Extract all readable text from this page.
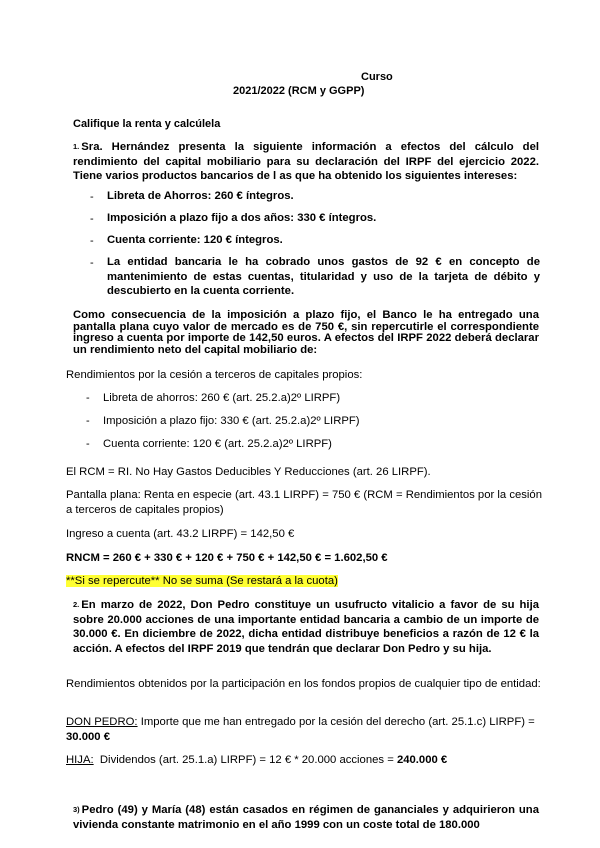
Curso
2021/2022 (RCM y GGPP)
Califique la renta y calcúlela
1. Sra. Hernández presenta la siguiente información a efectos del cálculo del rendimiento del capital mobiliario para su declaración del IRPF del ejercicio 2022. Tiene varios productos bancarios de l as que ha obtenido los siguientes intereses:
- Libreta de Ahorros: 260 € íntegros.
- Imposición a plazo fijo a dos años: 330 € íntegros.
- Cuenta corriente: 120 € íntegros.
- La entidad bancaria le ha cobrado unos gastos de 92 € en concepto de mantenimiento de estas cuentas, titularidad y uso de la tarjeta de débito y descubierto en la cuenta corriente.
Como consecuencia de la imposición a plazo fijo, el Banco le ha entregado una pantalla plana cuyo valor de mercado es de 750 €, sin repercutirle el correspondiente ingreso a cuenta por importe de 142,50 euros. A efectos del IRPF 2022 deberá declarar un rendimiento neto del capital mobiliario de:
Rendimientos por la cesión a terceros de capitales propios:
- Libreta de ahorros: 260 € (art. 25.2.a)2º LIRPF)
- Imposición a plazo fijo: 330 € (art. 25.2.a)2º LIRPF)
- Cuenta corriente: 120 € (art. 25.2.a)2º LIRPF)
El RCM = RI. No Hay Gastos Deducibles Y Reducciones (art. 26 LIRPF).
Pantalla plana: Renta en especie (art. 43.1 LIRPF) = 750 € (RCM = Rendimientos por la cesión a terceros de capitales propios)
Ingreso a cuenta (art. 43.2 LIRPF) = 142,50 €
RNCM = 260 € + 330 € + 120 € + 750 € + 142,50 € = 1.602,50 €
**Si se repercute** No se suma (Se restará a la cuota)
2. En marzo de 2022, Don Pedro constituye un usufructo vitalicio a favor de su hija sobre 20.000 acciones de una importante entidad bancaria a cambio de un importe de 30.000 €. En diciembre de 2022, dicha entidad distribuye beneficios a razón de 12 € la acción. A efectos del IRPF 2019 que tendrán que declarar Don Pedro y su hija.
Rendimientos obtenidos por la participación en los fondos propios de cualquier tipo de entidad:
DON PEDRO: Importe que me han entregado por la cesión del derecho (art. 25.1.c) LIRPF) = 30.000 €
HIJA:  Dividendos (art. 25.1.a) LIRPF) = 12 € * 20.000 acciones = 240.000 €
3) Pedro (49) y María (48) están casados en régimen de gananciales y adquirieron una vivienda constante matrimonio en el año 1999 con un coste total de 180.000
